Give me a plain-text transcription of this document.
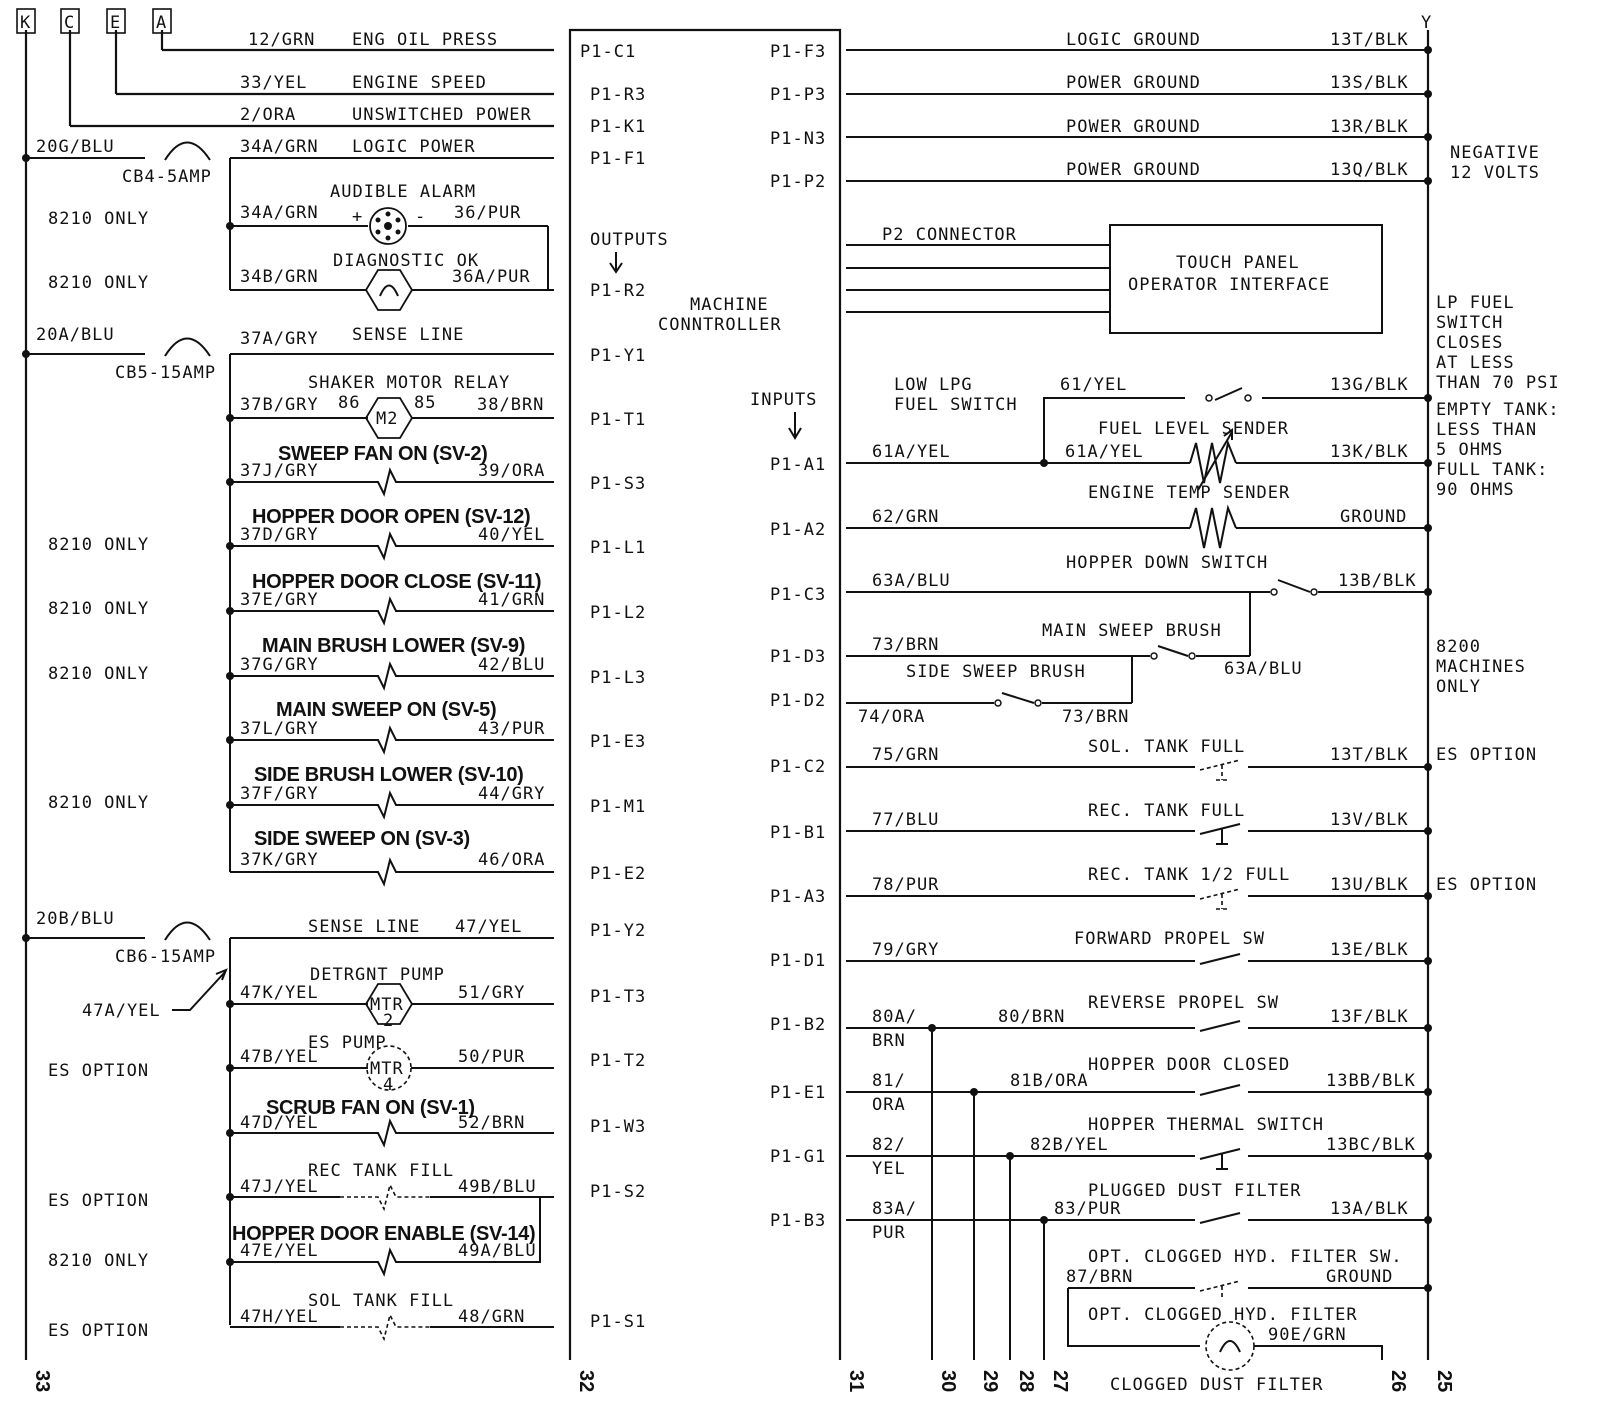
K C E A	Y
12/GRN ENG OIL PRESS
P1-C1
33/YEL	ENGINE SPEED
P1-R3
2/ORA	UNSWITCHED POWER
P1-K1
20G/BLU	34A/GRN LOGIC POWER
P1-F1
CB4-5AMP
AUDIBLE ALARM
34A/GRN +	- 36/PUR
8210 ONLY
DIAGNOSTIC OK
34B/GRN	36A/PUR
P1-R2
8210 ONLY
OUTPUTS
20A/BLU
CB5-15AMP
37A/GRY SENSE LINE
P1-Y1
SHAKER MOTOR RELAY
37B/GRY 86	85 38/BRN
M2	P1-T1
SWEEP FAN ON (SV-2)
37J/GRY	39/ORA
P1-S3
HOPPER DOOR OPEN (SV-12)
37D/GRY	40/YEL
P1-L1
8210 ONLY
HOPPER DOOR CLOSE (SV-11)
37E/GRY	41/GRN
P1-L2
8210 ONLY
MAIN BRUSH LOWER (SV-9)
37G/GRY	42/BLU
P1-L3
8210 ONLY
MAIN SWEEP ON (SV-5)
37L/GRY	43/PUR
P1-E3
SIDE BRUSH LOWER (SV-10)
37F/GRY	44/GRY
P1-M1
8210 ONLY
SIDE SWEEP ON (SV-3)
37K/GRY	46/ORA
P1-E2
20B/BLU
CB6-15AMP
SENSE LINE 47/YEL	P1-Y2
47A/YEL
DETRGNT PUMP
47K/YEL	51/GRY
MTR
2
P1-T3
ES PUMP
47B/YEL	50/PUR
MTR
4
P1-T2
ES OPTION
SCRUB FAN ON (SV-1)
47D/YEL	52/BRN	P1-W3
REC TANK FILL
47J/YEL	49B/BLU	P1-S2
ES OPTION
HOPPER DOOR ENABLE (SV-14)
47E/YEL	49A/BLU
8210 ONLY
SOL TANK FILL
47H/YEL	48/GRN	P1-S1
ES OPTION
MACHINE
CONNTROLLER
INPUTS
P1-F3
LOGIC GROUND	13T/BLK
P1-P3
POWER GROUND	13S/BLK
P1-N3
POWER GROUND	13R/BLK
P1-P2
POWER GROUND	13Q/BLK
NEGATIVE
12 VOLTS
LP FUEL
SWITCH
CLOSES
AT LESS
THAN 70 PSI
EMPTY TANK:
LESS THAN
5 OHMS
FULL TANK:
90 OHMS
8200
MACHINES
ONLY
ES OPTION
ES OPTION
P2 CONNECTOR
TOUCH PANEL
OPERATOR INTERFACE
LOW LPG
FUEL SWITCH
61/YEL	13G/BLK
FUEL LEVEL SENDER
P1-A1
61A/YEL	61A/YEL	13K/BLK
ENGINE TEMP SENDER
P1-A2
62/GRN	GROUND
HOPPER DOWN SWITCH
P1-C3
63A/BLU	13B/BLK
MAIN SWEEP BRUSH
P1-D3
73/BRN
63A/BLU
SIDE SWEEP BRUSH
P1-D2
74/ORA	73/BRN
SOL. TANK FULL
P1-C2
75/GRN	13T/BLK
REC. TANK FULL
P1-B1
77/BLU	13V/BLK
REC. TANK 1/2 FULL
P1-A3
78/PUR	13U/BLK
FORWARD PROPEL SW
P1-D1
79/GRY	13E/BLK
REVERSE PROPEL SW
P1-B2	80A/
BRN
80/BRN	13F/BLK
HOPPER DOOR CLOSED
P1-E1
81/
ORA
81B/ORA	13BB/BLK
HOPPER THERMAL SWITCH
P1-G1
82/
YEL
82B/YEL	13BC/BLK
PLUGGED DUST FILTER
P1-B3
83A/
PUR
83/PUR	13A/BLK
OPT. CLOGGED HYD. FILTER SW.
87/BRN	GROUND
OPT. CLOGGED HYD. FILTER
90E/GRN
CLOGGED DUST FILTER
33	32	31	30 29 28 27	26 25
